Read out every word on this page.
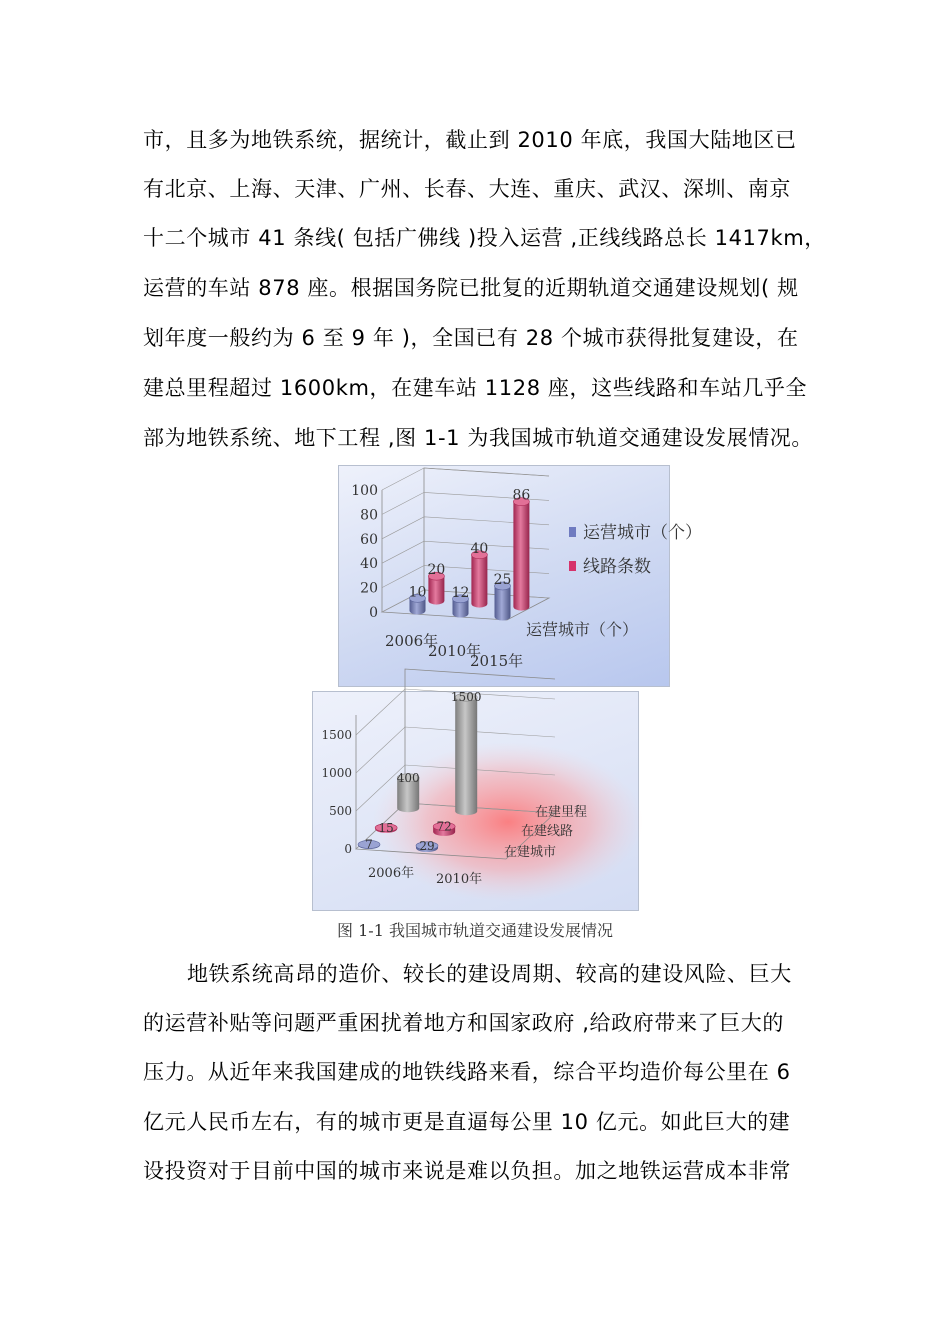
市，且多为地铁系统，据统计，截止到 2010 年底，我国大陆地区已
有北京、上海、天津、广州、长春、大连、重庆、武汉、深圳、南京
十二个城市 41 条线( 包括广佛线 )投入运营 ,正线线路总长 1417km，
运营的车站 878 座。根据国务院已批复的近期轨道交通建设规划( 规
划年度一般约为 6 至 9 年 )，全国已有 28 个城市获得批复建设，在
建总里程超过 1600km，在建车站 1128 座，这些线路和车站几乎全
部为地铁系统、地下工程 ,图 1-1 为我国城市轨道交通建设发展情况。
0
20
40
60
80
100
2006年
2010年
2015年
运营城市（个）
20
40
86
10 12
25
运营城市（个）
线路条数
0
500
1000
1500
2006年 2010年
在建城市
在建线路
在建里程
400
1500
15	72
7	29
图 1-1 我国城市轨道交通建设发展情况
地铁系统高昂的造价、较长的建设周期、较高的建设风险、巨大
的运营补贴等问题严重困扰着地方和国家政府 ,给政府带来了巨大的
压力。从近年来我国建成的地铁线路来看，综合平均造价每公里在 6
亿元人民币左右，有的城市更是直逼每公里 10 亿元。如此巨大的建
设投资对于目前中国的城市来说是难以负担。加之地铁运营成本非常
